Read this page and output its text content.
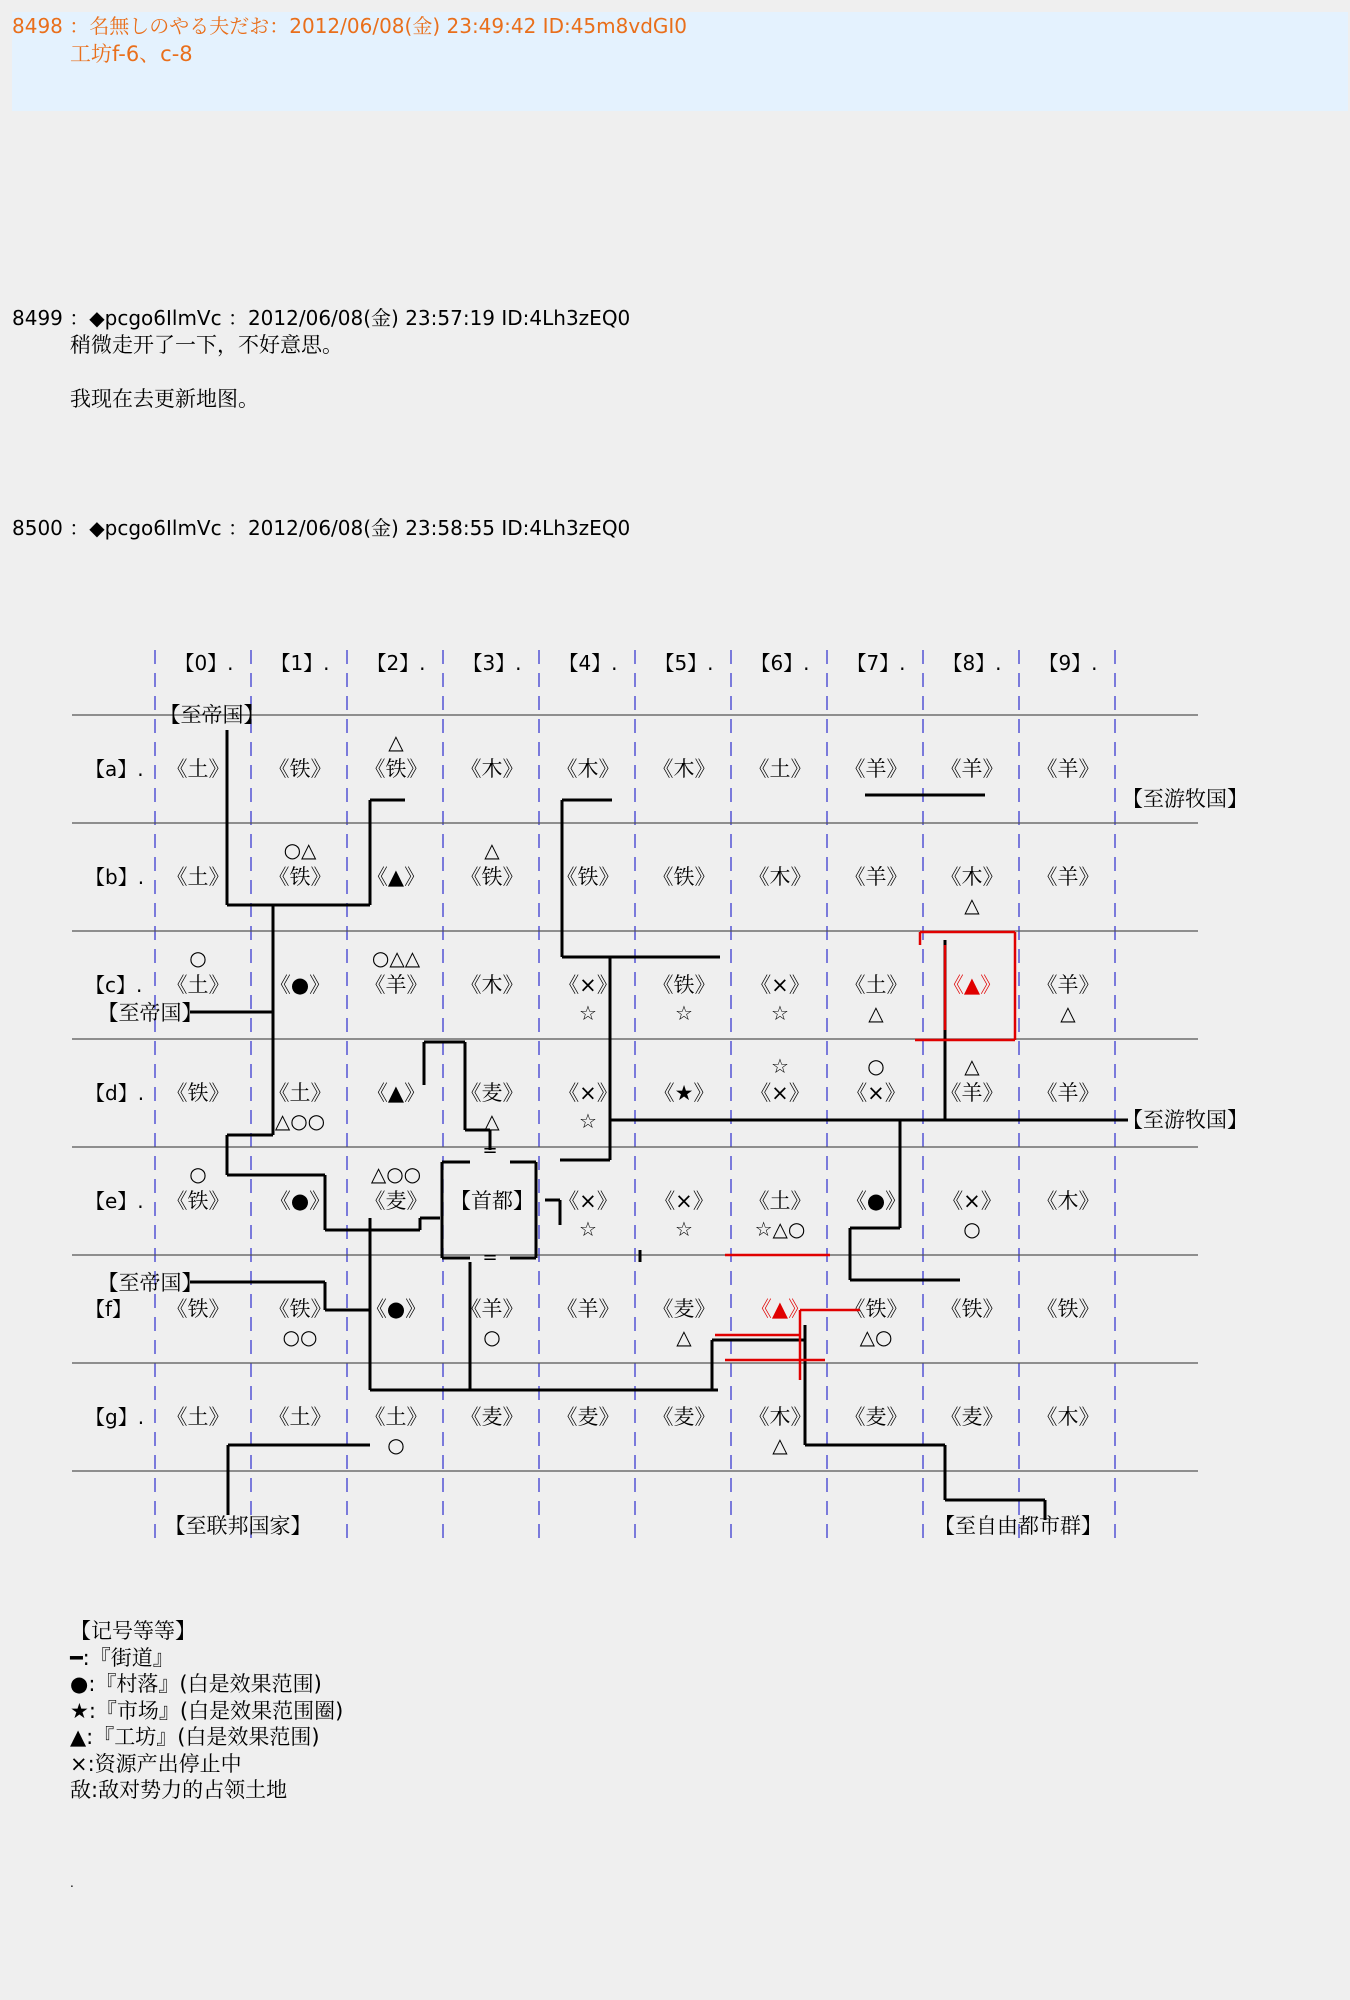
8498 ：名無しのやる夫だお：2012/06/08(金) 23:49:42 ID:45m8vdGI0
工坊f-6、c-8
8499 ：◆pcgo6IlmVc ：2012/06/08(金) 23:57:19 ID:4Lh3zEQ0
稍微走开了一下，不好意思。
我现在去更新地图。
8500 ：◆pcgo6IlmVc ：2012/06/08(金) 23:58:55 ID:4Lh3zEQ0
【0】. 【1】. 【2】. 【3】. 【4】. 【5】. 【6】. 【7】. 【8】. 【9】.
【a】. 《土》 《铁》 《铁》
△
《木》 《木》 《木》 《土》 《羊》 《羊》 《羊》
【b】. 《土》 《铁》
○△
《▲》 《铁》
△
《铁》 《铁》 《木》 《羊》 《木》
△
《羊》
【c】. 《土》
○
《●》 《羊》
○△△
《木》 《×》
☆
《铁》
☆
《×》
☆
《土》
△
《▲》 《羊》
△
【d】. 《铁》 《土》
△○○
《▲》 《麦》
△
《×》
☆
《★》 《×》
☆
《×》
○
《羊》
△
《羊》
【e】. 《铁》
○
《●》 《麦》
△○○
【首都】 《×》
☆
《×》
☆
《土》
☆△○
《●》 《×》
○
《木》
【f】 《铁》 《铁》
○○
《●》 《羊》
○
《羊》 《麦》
△
《▲》 《铁》
△○
《铁》 《铁》
【g】. 《土》 《土》 《土》
○
《麦》 《麦》 《麦》 《木》
△
《麦》 《麦》 《木》
【至帝国】
【至帝国】
【至帝国】
【至游牧国】
【至游牧国】
【至联邦国家】	【至自由都市群】
=
=
【记号等等】
━:『街道』
●:『村落』(白是效果范围)
★:『市场』(白是效果范围圈)
▲:『工坊』(白是效果范围)
×:资源产出停止中
敌:敌对势力的占领土地
.
